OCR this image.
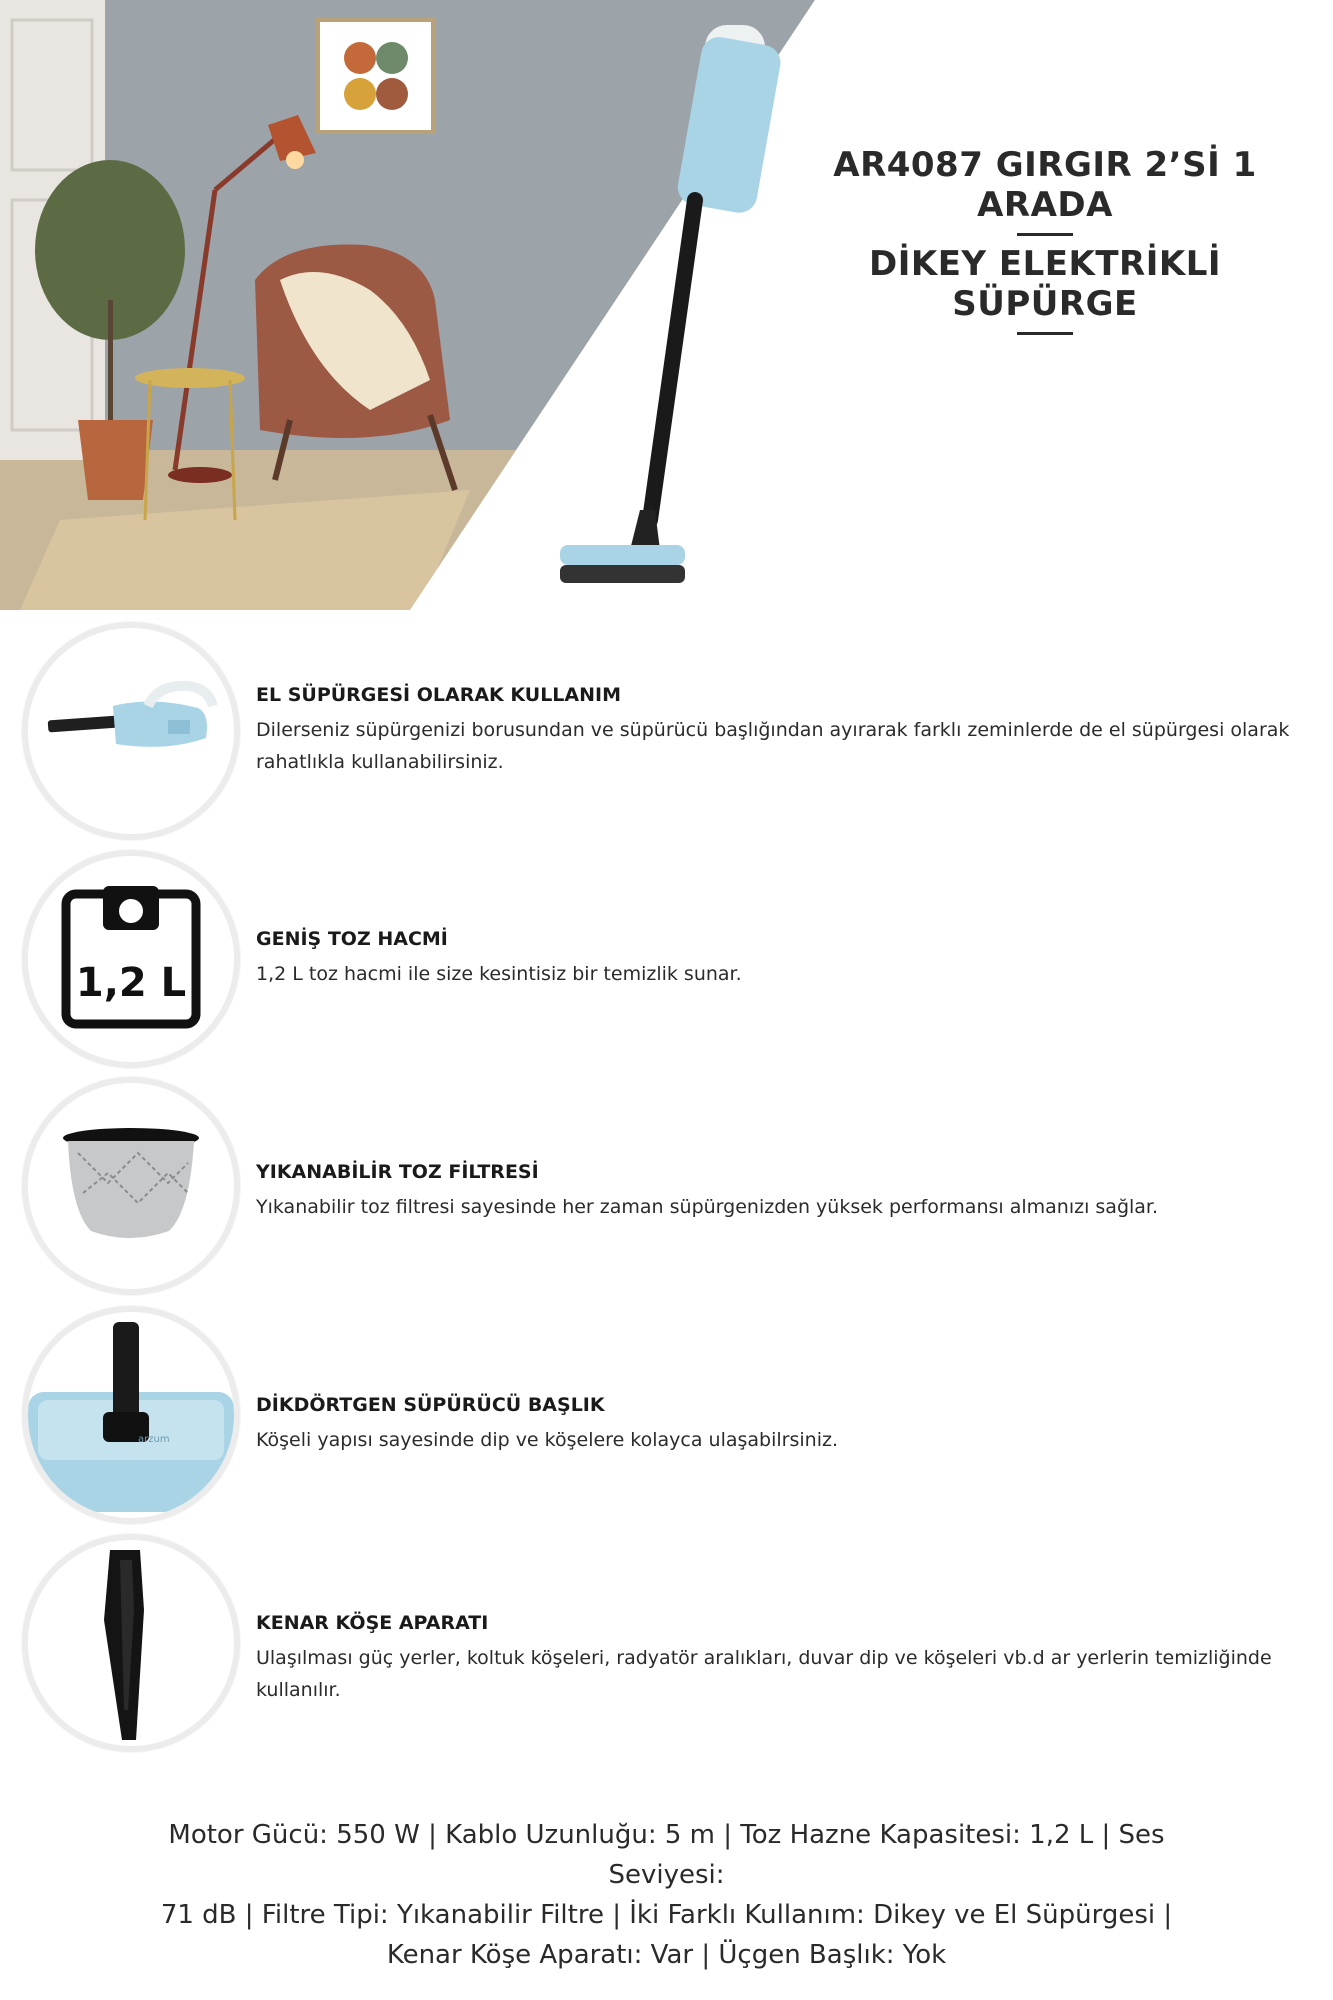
AR4087 GIRGIR 2’Sİ 1 ARADA
DİKEY ELEKTRİKLİ SÜPÜRGE

EL SÜPÜRGESİ OLARAK KULLANIM

Dilerseniz süpürgenizi borusundan ve süpürücü başlığından ayırarak farklı zeminlerde de el süpürgesi olarak rahatlıkla kullanabilirsiniz.

1,2 L

GENİŞ TOZ HACMİ

1,2 L toz hacmi ile size kesintisiz bir temizlik sunar.

YIKANABİLİR TOZ FİLTRESİ

Yıkanabilir toz filtresi sayesinde her zaman süpürgenizden yüksek performansı almanızı sağlar.

arzum

DİKDÖRTGEN SÜPÜRÜCÜ BAŞLIK

Köşeli yapısı sayesinde dip ve köşelere kolayca ulaşabilrsiniz.

KENAR KÖŞE APARATI

Ulaşılması güç yerler, koltuk köşeleri, radyatör aralıkları, duvar dip ve köşeleri vb.d ar yerlerin temizliğinde kullanılır.

Motor Gücü: 550 W | Kablo Uzunluğu: 5 m | Toz Hazne Kapasitesi: 1,2 L | Ses Seviyesi:
71 dB | Filtre Tipi: Yıkanabilir Filtre | İki Farklı Kullanım: Dikey ve El Süpürgesi |
Kenar Köşe Aparatı: Var | Üçgen Başlık: Yok
